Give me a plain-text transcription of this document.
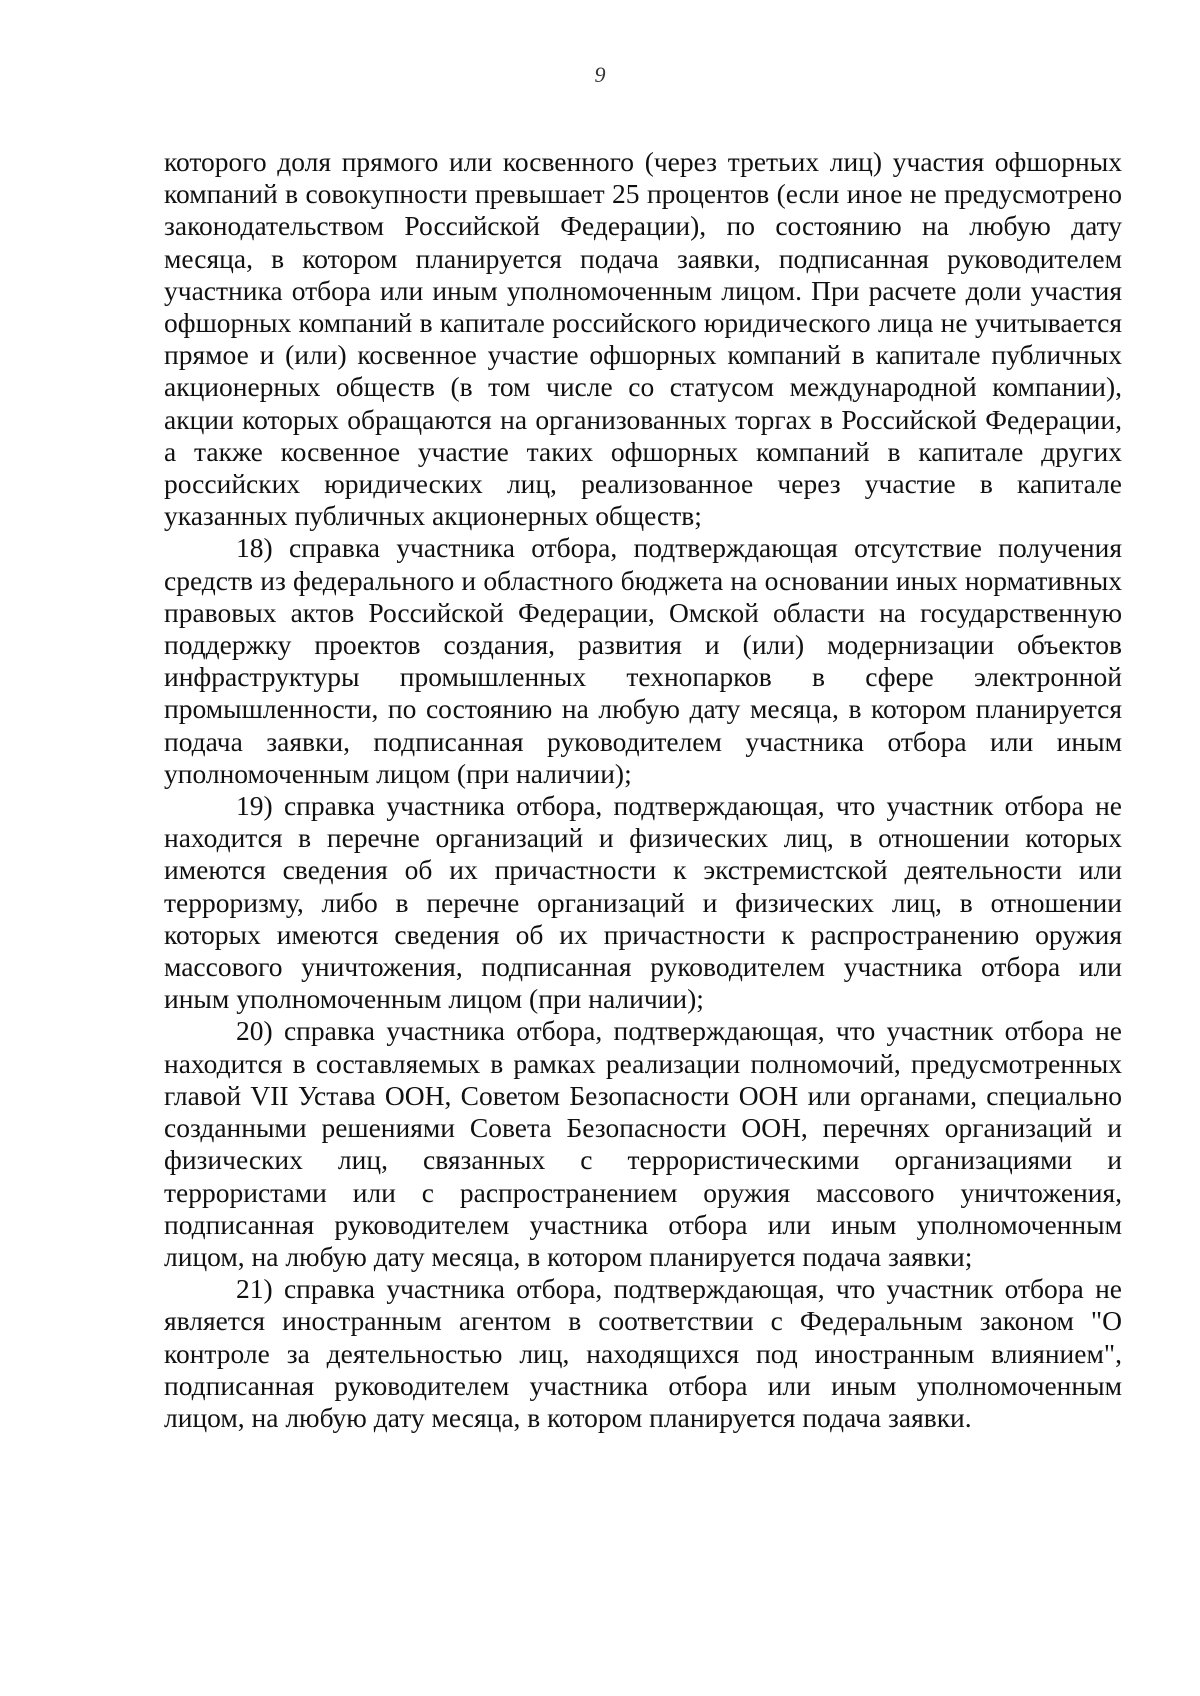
9

которого доля прямого или косвенного (через третьих лиц) участия офшорных компаний в совокупности превышает 25 процентов (если иное не предусмотрено законодательством Российской Федерации), по состоянию на любую дату месяца, в котором планируется подача заявки, подписанная руководителем участника отбора или иным уполномоченным лицом. При расчете доли участия офшорных компаний в капитале российского юридического лица не учитывается прямое и (или) косвенное участие офшорных компаний в капитале публичных акционерных обществ (в том числе со статусом международной компании), акции которых обращаются на организованных торгах в Российской Федерации, а также косвенное участие таких офшорных компаний в капитале других российских юридических лиц, реализованное через участие в капитале указанных публичных акционерных обществ;

18) справка участника отбора, подтверждающая отсутствие получения средств из федерального и областного бюджета на основании иных нормативных правовых актов Российской Федерации, Омской области на государственную поддержку проектов создания, развития и (или) модернизации объектов инфраструктуры промышленных технопарков в сфере электронной промышленности, по состоянию на любую дату месяца, в котором планируется подача заявки, подписанная руководителем участника отбора или иным уполномоченным лицом (при наличии);

19) справка участника отбора, подтверждающая, что участник отбора не находится в перечне организаций и физических лиц, в отношении которых имеются сведения об их причастности к экстремистской деятельности или терроризму, либо в перечне организаций и физических лиц, в отношении которых имеются сведения об их причастности к распространению оружия массового уничтожения, подписанная руководителем участника отбора или иным уполномоченным лицом (при наличии);

20) справка участника отбора, подтверждающая, что участник отбора не находится в составляемых в рамках реализации полномочий, предусмотренных главой VII Устава ООН, Советом Безопасности ООН или органами, специально созданными решениями Совета Безопасности ООН, перечнях организаций и физических лиц, связанных с террористическими организациями и террористами или с распространением оружия массового уничтожения, подписанная руководителем участника отбора или иным уполномоченным лицом, на любую дату месяца, в котором планируется подача заявки;

21) справка участника отбора, подтверждающая, что участник отбора не является иностранным агентом в соответствии с Федеральным законом "О контроле за деятельностью лиц, находящихся под иностранным влиянием", подписанная руководителем участника отбора или иным уполномоченным лицом, на любую дату месяца, в котором планируется подача заявки.
